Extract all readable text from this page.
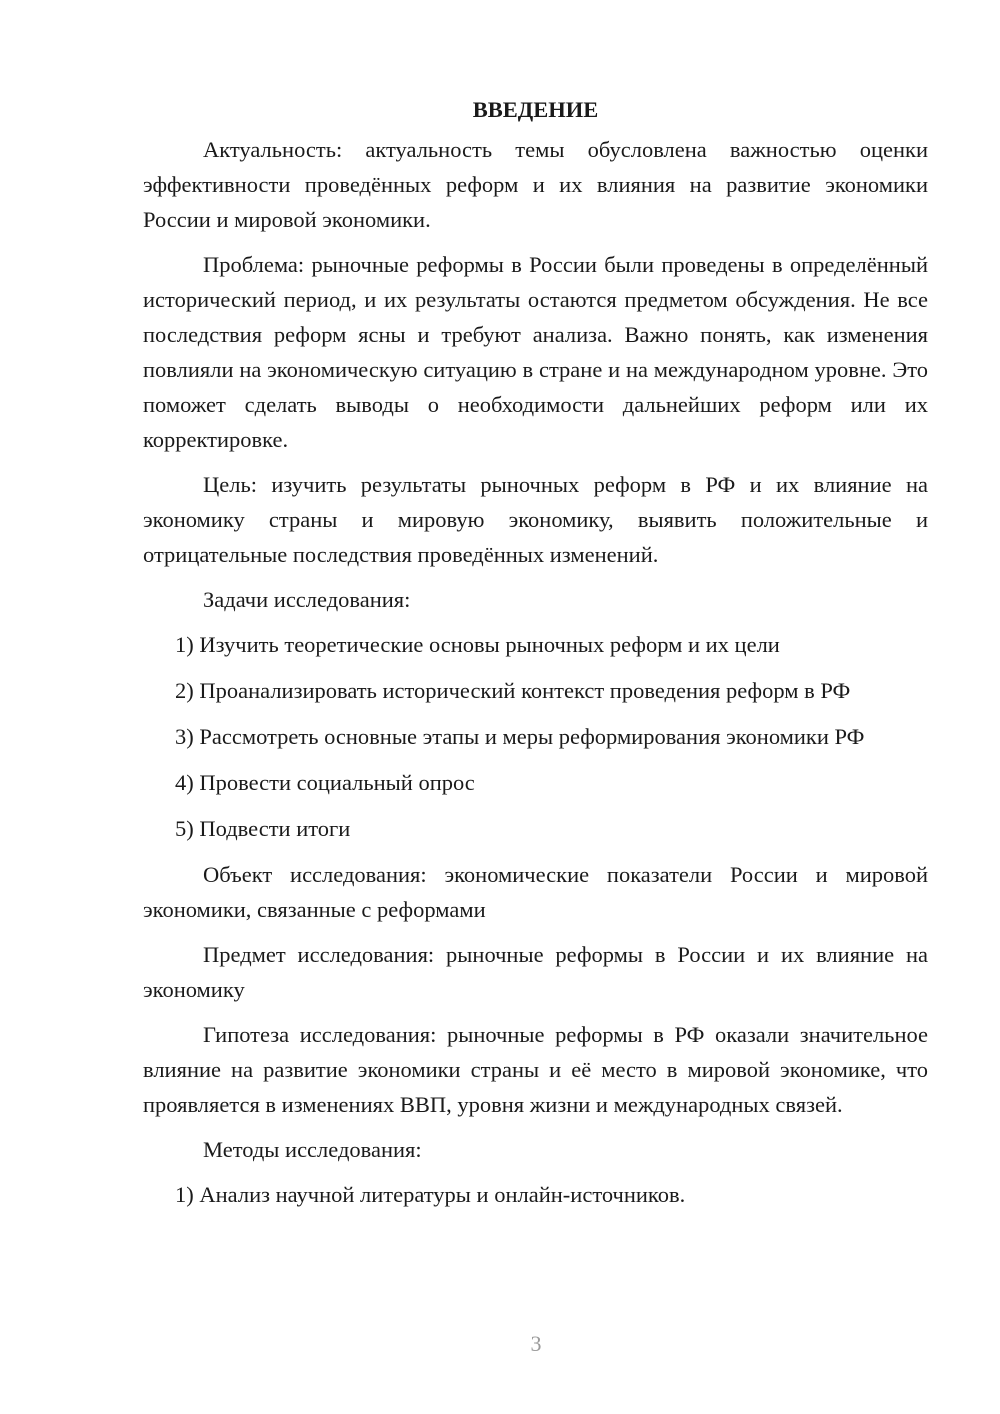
ВВЕДЕНИЕ

Актуальность: актуальность темы обусловлена важностью оценки эффективности проведённых реформ и их влияния на развитие экономики России и мировой экономики.

Проблема: рыночные реформы в России были проведены в определённый исторический период, и их результаты остаются предметом обсуждения. Не все последствия реформ ясны и требуют анализа. Важно понять, как изменения повлияли на экономическую ситуацию в стране и на международном уровне. Это поможет сделать выводы о необходимости дальнейших реформ или их корректировке.

Цель: изучить результаты рыночных реформ в РФ и их влияние на экономику страны и мировую экономику, выявить положительные и отрицательные последствия проведённых изменений.

Задачи исследования:

1) Изучить теоретические основы рыночных реформ и их цели

2) Проанализировать исторический контекст проведения реформ в РФ

3) Рассмотреть основные этапы и меры реформирования экономики РФ

4) Провести социальный опрос

5) Подвести итоги

Объект исследования: экономические показатели России и мировой экономики, связанные с реформами

Предмет исследования: рыночные реформы в России и их влияние на экономику

Гипотеза исследования: рыночные реформы в РФ оказали значительное влияние на развитие экономики страны и её место в мировой экономике, что проявляется в изменениях ВВП, уровня жизни и международных связей.

Методы исследования:

1) Анализ научной литературы и онлайн-источников.

3
